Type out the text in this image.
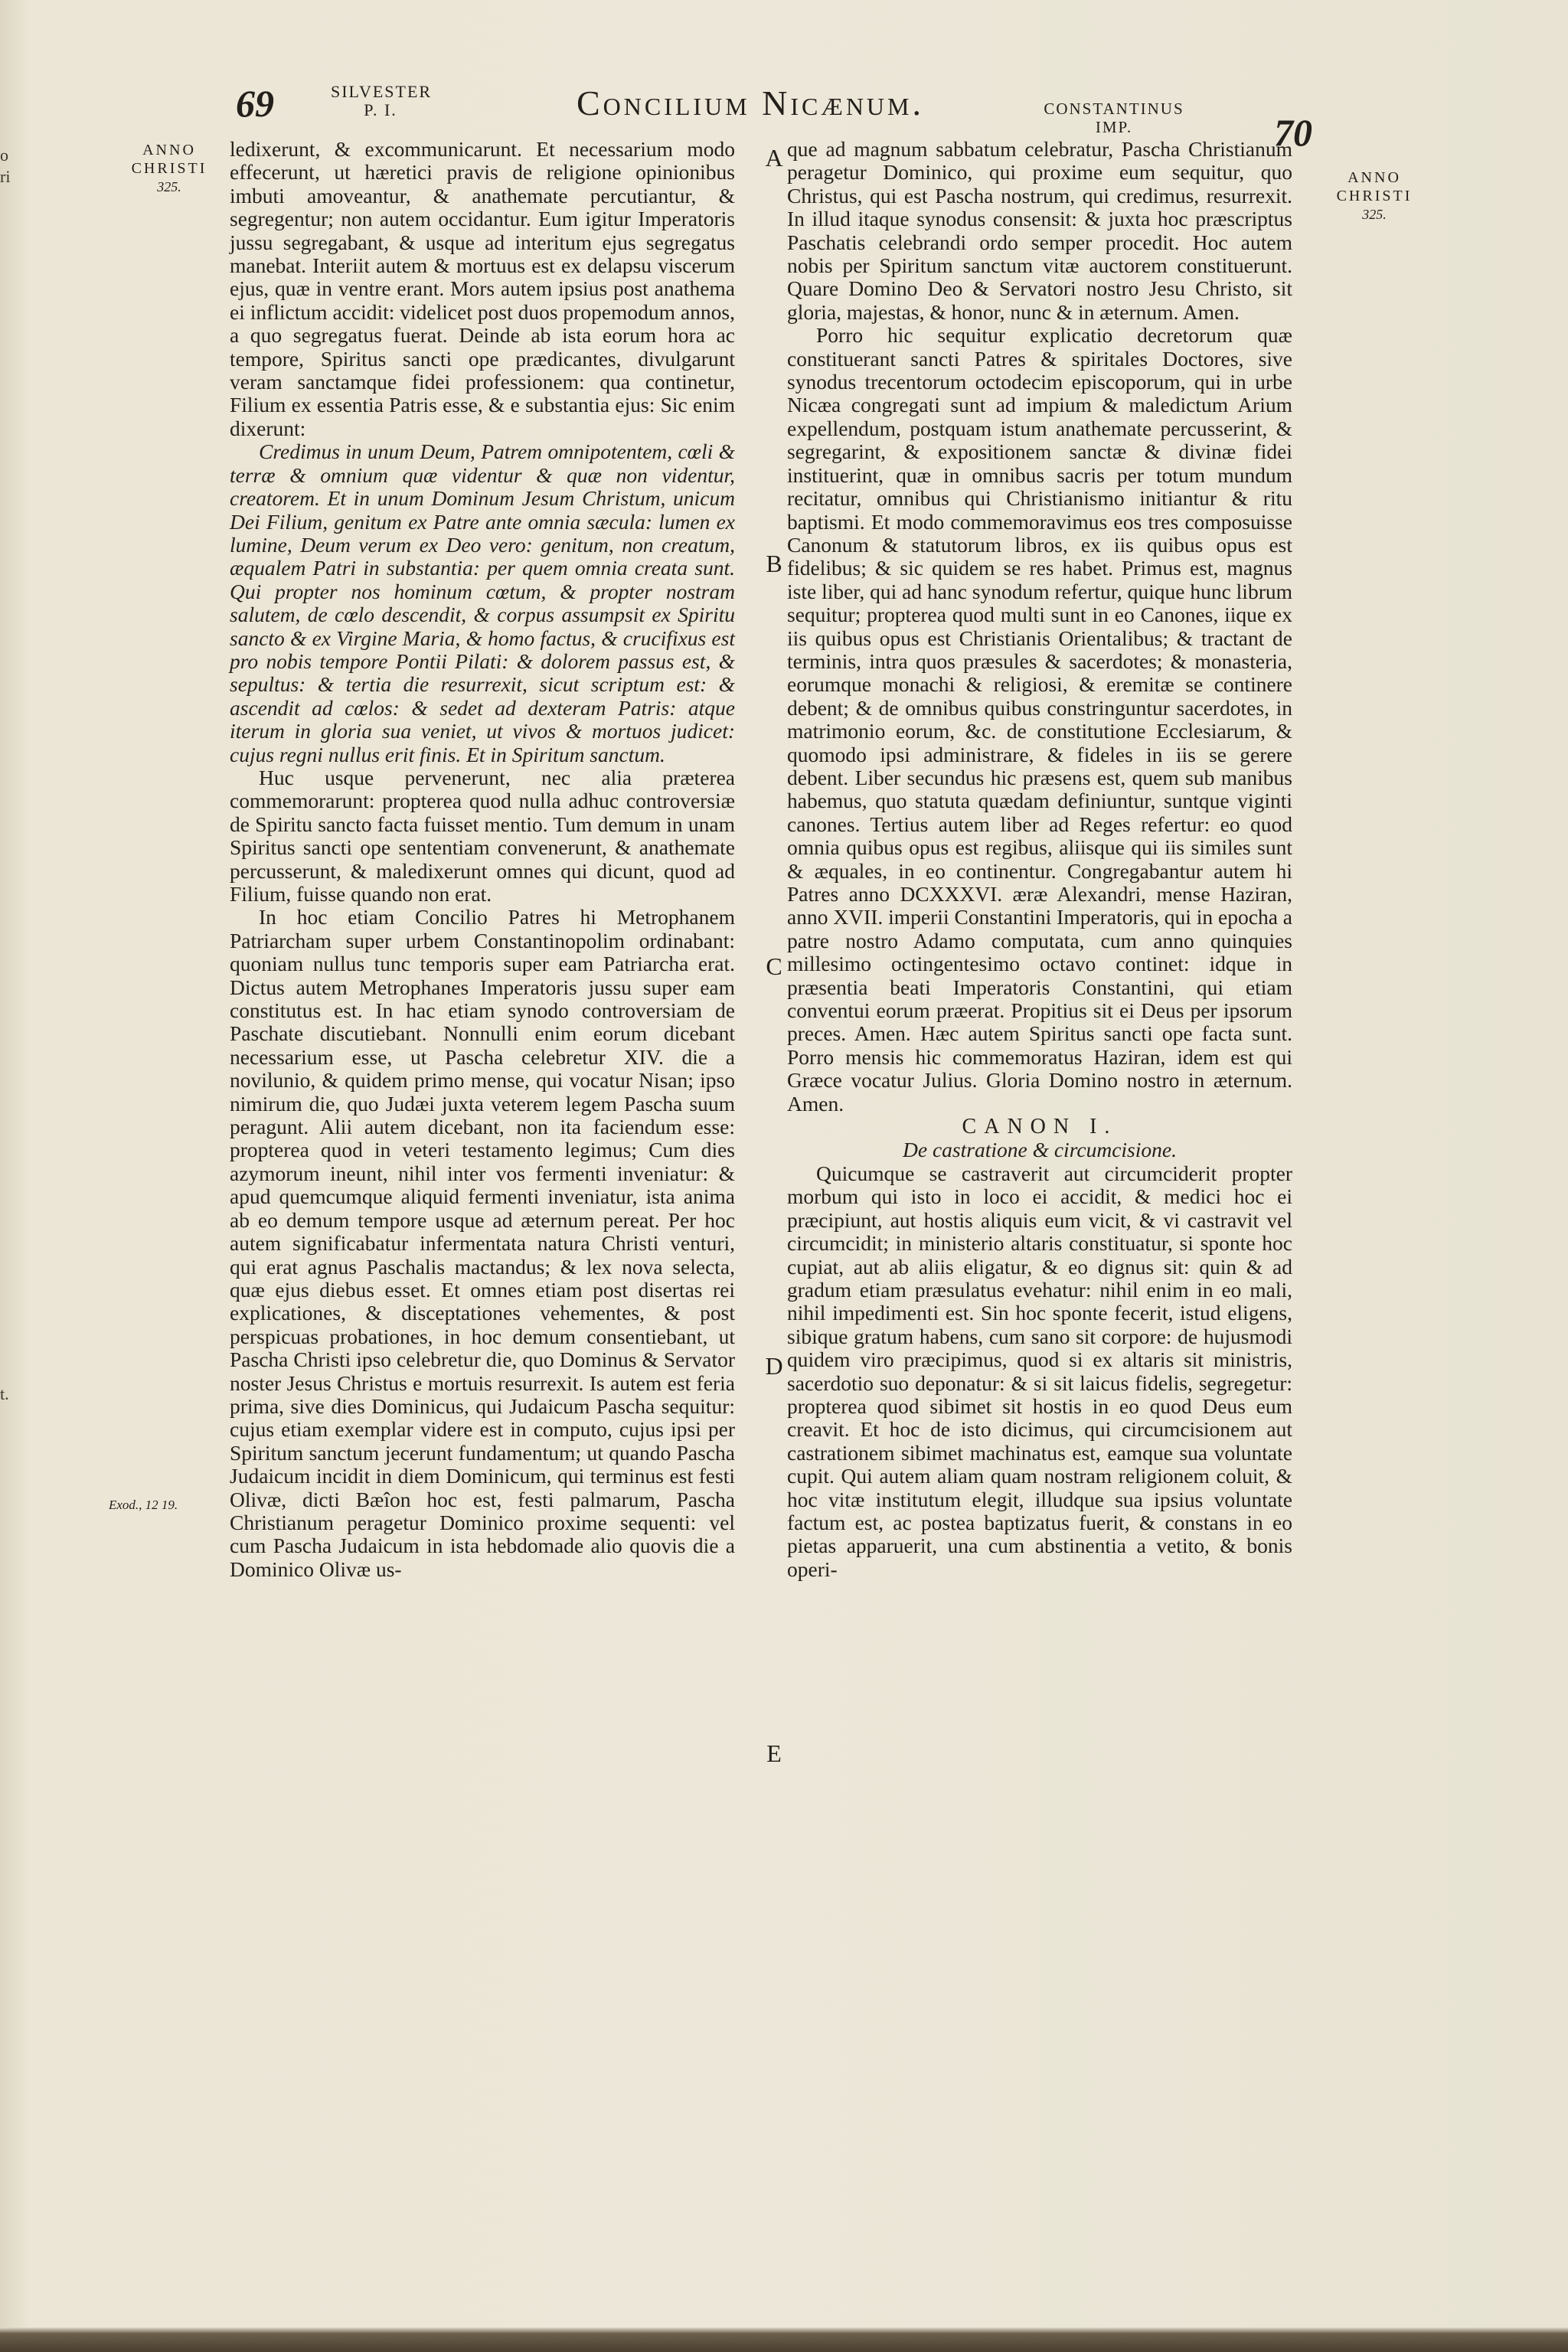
o
ri
t.
69	SILVESTER
P. I.	Concilium Nicænum.	CONSTANTINUS
IMP.	70
ANNO
CHRISTI
325.
ANNO
CHRISTI
325.
Exod., 12 19.
A
B
C
D
E

ledixerunt, & excommunicarunt. Et necessarium modo effecerunt, ut hæretici pravis de religione opinionibus imbuti amoveantur, & anathemate percutiantur, & segregentur; non autem occidantur. Eum igitur Imperatoris jussu segregabant, & usque ad interitum ejus segregatus manebat. Interiit autem & mortuus est ex delapsu viscerum ejus, quæ in ventre erant. Mors autem ipsius post anathema ei inflictum accidit: videlicet post duos propemodum annos, a quo segregatus fuerat. Deinde ab ista eorum hora ac tempore, Spiritus sancti ope prædicantes, divulgarunt veram sanctamque fidei professionem: qua continetur, Filium ex essentia Patris esse, & e substantia ejus: Sic enim dixerunt:

Credimus in unum Deum, Patrem omnipotentem, cœli & terræ & omnium quæ videntur & quæ non videntur, creatorem. Et in unum Dominum Jesum Christum, unicum Dei Filium, genitum ex Patre ante omnia sæcula: lumen ex lumine, Deum verum ex Deo vero: genitum, non creatum, æqualem Patri in substantia: per quem omnia creata sunt. Qui propter nos hominum cœtum, & propter nostram salutem, de cœlo descendit, & corpus assumpsit ex Spiritu sancto & ex Virgine Maria, & homo factus, & crucifixus est pro nobis tempore Pontii Pilati: & dolorem passus est, & sepultus: & tertia die resurrexit, sicut scriptum est: & ascendit ad cœlos: & sedet ad dexteram Patris: atque iterum in gloria sua veniet, ut vivos & mortuos judicet: cujus regni nullus erit finis. Et in Spiritum sanctum.

Huc usque pervenerunt, nec alia præterea commemorarunt: propterea quod nulla adhuc controversiæ de Spiritu sancto facta fuisset mentio. Tum demum in unam Spiritus sancti ope sententiam convenerunt, & anathemate percusserunt, & maledixerunt omnes qui dicunt, quod ad Filium, fuisse quando non erat.

In hoc etiam Concilio Patres hi Metrophanem Patriarcham super urbem Constantinopolim ordinabant: quoniam nullus tunc temporis super eam Patriarcha erat. Dictus autem Metrophanes Imperatoris jussu super eam constitutus est. In hac etiam synodo controversiam de Paschate discutiebant. Nonnulli enim eorum dicebant necessarium esse, ut Pascha celebretur XIV. die a novilunio, & quidem primo mense, qui vocatur Nisan; ipso nimirum die, quo Judæi juxta veterem legem Pascha suum peragunt. Alii autem dicebant, non ita faciendum esse: propterea quod in veteri testamento legimus; Cum dies azymorum ineunt, nihil inter vos fermenti inveniatur: & apud quemcumque aliquid fermenti inveniatur, ista anima ab eo demum tempore usque ad æternum pereat. Per hoc autem significabatur infermentata natura Christi venturi, qui erat agnus Paschalis mactandus; & lex nova selecta, quæ ejus diebus esset. Et omnes etiam post disertas rei explicationes, & disceptationes vehementes, & post perspicuas probationes, in hoc demum consentiebant, ut Pascha Christi ipso celebretur die, quo Dominus & Servator noster Jesus Christus e mortuis resurrexit. Is autem est feria prima, sive dies Dominicus, qui Judaicum Pascha sequitur: cujus etiam exemplar videre est in computo, cujus ipsi per Spiritum sanctum jecerunt fundamentum; ut quando Pascha Judaicum incidit in diem Dominicum, qui terminus est festi Olivæ, dicti Bæîon hoc est, festi palmarum, Pascha Christianum peragetur Dominico proxime sequenti: vel cum Pascha Judaicum in ista hebdomade alio quovis die a Dominico Olivæ us-

que ad magnum sabbatum celebratur, Pascha Christianum peragetur Dominico, qui proxime eum sequitur, quo Christus, qui est Pascha nostrum, qui credimus, resurrexit. In illud itaque synodus consensit: & juxta hoc præscriptus Paschatis celebrandi ordo semper procedit. Hoc autem nobis per Spiritum sanctum vitæ auctorem constituerunt. Quare Domino Deo & Servatori nostro Jesu Christo, sit gloria, majestas, & honor, nunc & in æternum. Amen.

Porro hic sequitur explicatio decretorum quæ constituerant sancti Patres & spiritales Doctores, sive synodus trecentorum octodecim episcoporum, qui in urbe Nicæa congregati sunt ad impium & maledictum Arium expellendum, postquam istum anathemate percusserint, & segregarint, & expositionem sanctæ & divinæ fidei instituerint, quæ in omnibus sacris per totum mundum recitatur, omnibus qui Christianismo initiantur & ritu baptismi. Et modo commemoravimus eos tres composuisse Canonum & statutorum libros, ex iis quibus opus est fidelibus; & sic quidem se res habet. Primus est, magnus iste liber, qui ad hanc synodum refertur, quique hunc librum sequitur; propterea quod multi sunt in eo Canones, iique ex iis quibus opus est Christianis Orientalibus; & tractant de terminis, intra quos præsules & sacerdotes; & monasteria, eorumque monachi & religiosi, & eremitæ se continere debent; & de omnibus quibus constringuntur sacerdotes, in matrimonio eorum, &c. de constitutione Ecclesiarum, & quomodo ipsi administrare, & fideles in iis se gerere debent. Liber secundus hic præsens est, quem sub manibus habemus, quo statuta quædam definiuntur, suntque viginti canones. Tertius autem liber ad Reges refertur: eo quod omnia quibus opus est regibus, aliisque qui iis similes sunt & æquales, in eo continentur. Congregabantur autem hi Patres anno DCXXXVI. æræ Alexandri, mense Haziran, anno XVII. imperii Constantini Imperatoris, qui in epocha a patre nostro Adamo computata, cum anno quinquies millesimo octingentesimo octavo continet: idque in præsentia beati Imperatoris Constantini, qui etiam conventui eorum præerat. Propitius sit ei Deus per ipsorum preces. Amen. Hæc autem Spiritus sancti ope facta sunt. Porro mensis hic commemoratus Haziran, idem est qui Græce vocatur Julius. Gloria Domino nostro in æternum. Amen.

CANON I.

De castratione & circumcisione.

Quicumque se castraverit aut circumciderit propter morbum qui isto in loco ei accidit, & medici hoc ei præcipiunt, aut hostis aliquis eum vicit, & vi castravit vel circumcidit; in ministerio altaris constituatur, si sponte hoc cupiat, aut ab aliis eligatur, & eo dignus sit: quin & ad gradum etiam præsulatus evehatur: nihil enim in eo mali, nihil impedimenti est. Sin hoc sponte fecerit, istud eligens, sibique gratum habens, cum sano sit corpore: de hujusmodi quidem viro præcipimus, quod si ex altaris sit ministris, sacerdotio suo deponatur: & si sit laicus fidelis, segregetur: propterea quod sibimet sit hostis in eo quod Deus eum creavit. Et hoc de isto dicimus, qui circumcisionem aut castrationem sibimet machinatus est, eamque sua voluntate cupit. Qui autem aliam quam nostram religionem coluit, & hoc vitæ institutum elegit, illudque sua ipsius voluntate factum est, ac postea baptizatus fuerit, & constans in eo pietas apparuerit, una cum abstinentia a vetito, & bonis operi-
